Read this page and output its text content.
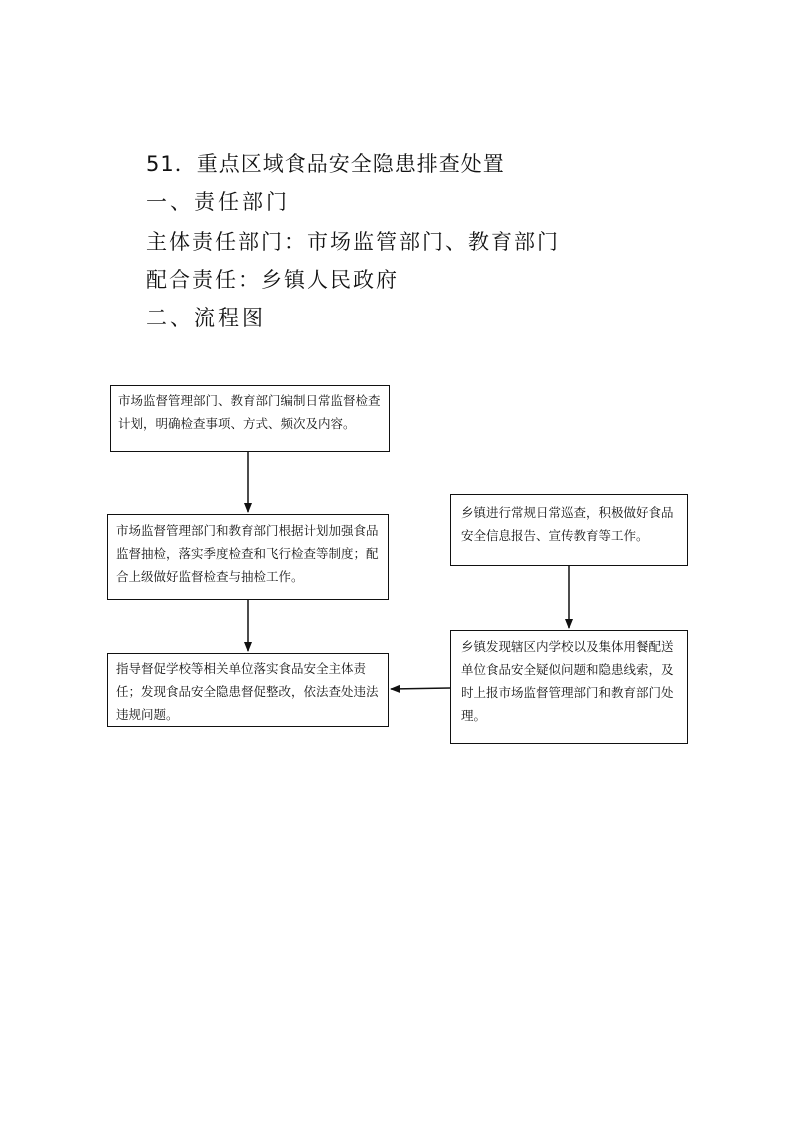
51．重点区域食品安全隐患排查处置

一、责任部门

主体责任部门：市场监管部门、教育部门

配合责任：乡镇人民政府

二、流程图

市场监督管理部门、教育部门编制日常监督检查计划，明确检查事项、方式、频次及内容。

市场监督管理部门和教育部门根据计划加强食品监督抽检，落实季度检查和飞行检查等制度；配合上级做好监督检查与抽检工作。

指导督促学校等相关单位落实食品安全主体责任；发现食品安全隐患督促整改，依法查处违法违规问题。

乡镇进行常规日常巡查，积极做好食品安全信息报告、宣传教育等工作。

乡镇发现辖区内学校以及集体用餐配送单位食品安全疑似问题和隐患线索，及时上报市场监督管理部门和教育部门处理。
